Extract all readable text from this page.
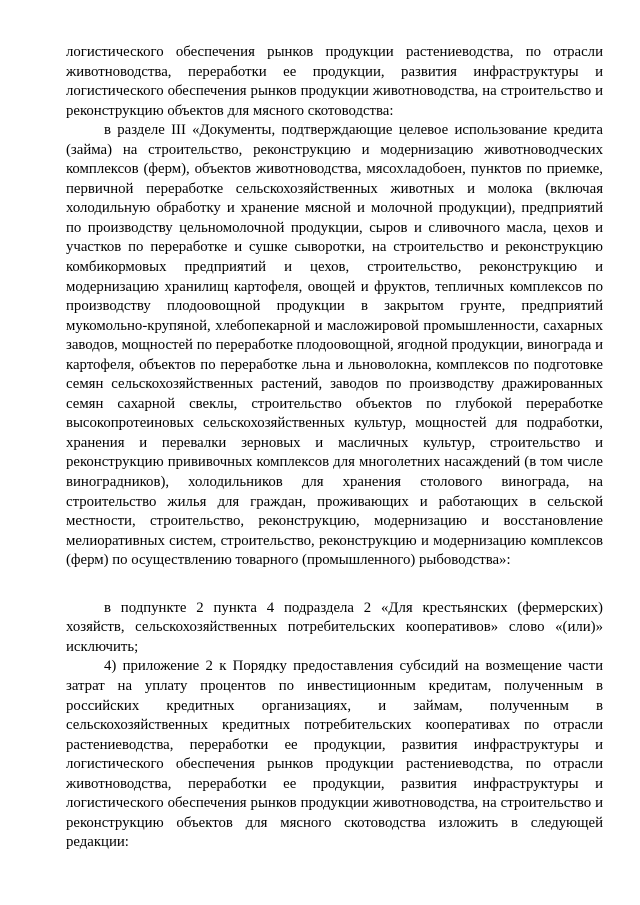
логистического обеспечения рынков продукции растениеводства, по отрасли животноводства, переработки ее продукции, развития инфраструктуры и логистического обеспечения рынков продукции животноводства, на строительство и реконструкцию объектов для мясного скотоводства:

в разделе III «Документы, подтверждающие целевое использование кредита (займа) на строительство, реконструкцию и модернизацию животноводческих комплексов (ферм), объектов животноводства, мясохладобоен, пунктов по приемке, первичной переработке сельскохозяйственных животных и молока (включая холодильную обработку и хранение мясной и молочной продукции), предприятий по производству цельномолочной продукции, сыров и сливочного масла, цехов и участков по переработке и сушке сыворотки, на строительство и реконструкцию комбикормовых предприятий и цехов, строительство, реконструкцию и модернизацию хранилищ картофеля, овощей и фруктов, тепличных комплексов по производству плодоовощной продукции в закрытом грунте, предприятий мукомольно-крупяной, хлебопекарной и масложировой промышленности, сахарных заводов, мощностей по переработке плодоовощной, ягодной продукции, винограда и картофеля, объектов по переработке льна и льноволокна, комплексов по подготовке семян сельскохозяйственных растений, заводов по производству дражированных семян сахарной свеклы, строительство объектов по глубокой переработке высокопротеиновых сельскохозяйственных культур, мощностей для подработки, хранения и перевалки зерновых и масличных культур, строительство и реконструкцию прививочных комплексов для многолетних насаждений (в том числе виноградников), холодильников для хранения столового винограда, на строительство жилья для граждан, проживающих и работающих в сельской местности, строительство, реконструкцию, модернизацию и восстановление мелиоративных систем, строительство, реконструкцию и модернизацию комплексов (ферм) по осуществлению товарного (промышленного) рыбоводства»:

в подпункте 2 пункта 4 подраздела 2 «Для крестьянских (фермерских) хозяйств, сельскохозяйственных потребительских кооперативов» слово «(или)» исключить;

4) приложение 2 к Порядку предоставления субсидий на возмещение части затрат на уплату процентов по инвестиционным кредитам, полученным в российских кредитных организациях, и займам, полученным в сельскохозяйственных кредитных потребительских кооперативах по отрасли растениеводства, переработки ее продукции, развития инфраструктуры и логистического обеспечения рынков продукции растениеводства, по отрасли животноводства, переработки ее продукции, развития инфраструктуры и логистического обеспечения рынков продукции животноводства, на строительство и реконструкцию объектов для мясного скотоводства изложить в следующей редакции:
